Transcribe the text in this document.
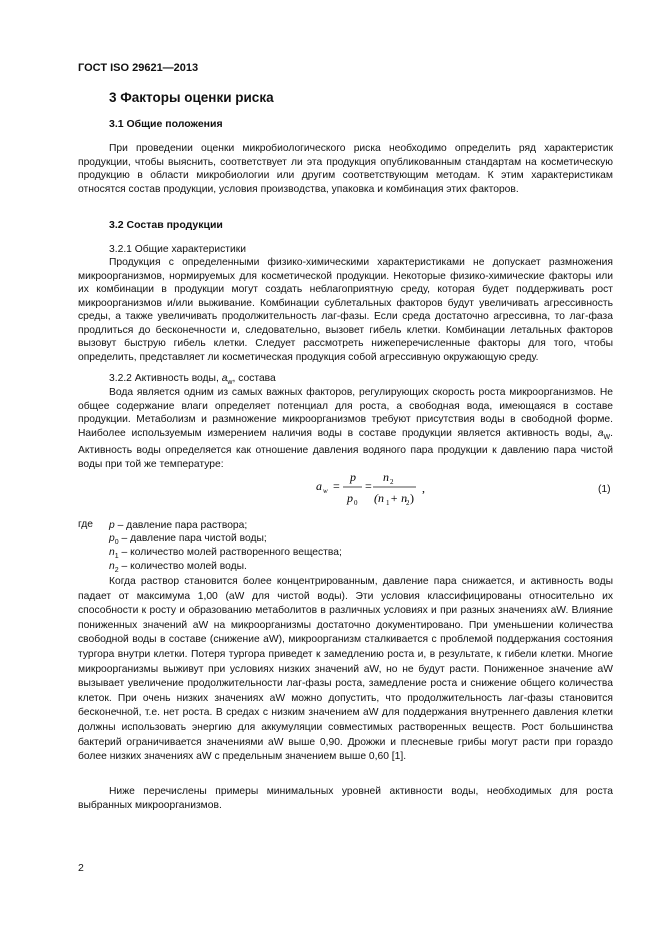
ГОСТ ISO 29621—2013
3 Факторы оценки риска
3.1 Общие положения

При проведении оценки микробиологического риска необходимо определить ряд характеристик продукции, чтобы выяснить, соответствует ли эта продукция опубликованным стандартам на косметическую продукцию в области микробиологии или другим соответствующим методам. К этим характеристикам относятся состав продукции, условия производства, упаковка и комбинация этих факторов.

3.2 Состав продукции
3.2.1 Общие характеристики

Продукция с определенными физико-химическими характеристиками не допускает размножения микроорганизмов, нормируемых для косметической продукции. Некоторые физико-химические факторы или их комбинации в продукции могут создать неблагоприятную среду, которая будет поддерживать рост микроорганизмов и/или выживание. Комбинации сублетальных факторов будут увеличивать агрессивность среды, а также увеличивать продолжительность лаг-фазы. Если среда достаточно агрессивна, то лаг-фаза продлиться до бесконечности и, следовательно, вызовет гибель клетки. Комбинации летальных факторов вызовут быструю гибель клетки. Следует рассмотреть нижеперечисленные факторы для того, чтобы определить, представляет ли косметическая продукция собой агрессивную окружающую среду.

3.2.2 Активность воды, $a_w$, состава

Вода является одним из самых важных факторов, регулирующих скорость роста микроорганизмов. Не общее содержание влаги определяет потенциал для роста, а свободная вода, имеющаяся в составе продукции. Метаболизм и размножение микроорганизмов требуют присутствия воды в свободной форме. Наиболее используемым измерением наличия воды в составе продукции является активность воды, $a_W$. Активность воды определяется как отношение давления водяного пара продукции к давлению пара чистой воды при той же температуре:

a w =
p
p 0
=
n 2
(n 1 + n
2 )
,	(1)
где p – давление пара раствора;
$p_0$ – давление пара чистой воды;
$n_1$ – количество молей растворенного вещества;
$n_2$ – количество молей воды.

Когда раствор становится более концентрированным, давление пара снижается, и активность воды падает от максимума 1,00 (aW для чистой воды). Эти условия классифицированы относительно их способности к росту и образованию метаболитов в различных условиях и при разных значениях aW. Влияние пониженных значений aW на микроорганизмы достаточно документировано. При уменьшении количества свободной воды в составе (снижение aW), микроорганизм сталкивается с проблемой поддержания состояния тургора внутри клетки. Потеря тургора приведет к замедлению роста и, в результате, к гибели клетки. Многие микроорганизмы выживут при условиях низких значений aW, но не будут расти. Пониженное значение aW вызывает увеличение продолжительности лаг-фазы роста, замедление роста и снижение общего количества клеток. При очень низких значениях aW можно допустить, что продолжительность лаг-фазы становится бесконечной, т.е. нет роста. В средах с низким значением aW для поддержания внутреннего давления клетки должны использовать энергию для аккумуляции совместимых растворенных веществ. Рост большинства бактерий ограничивается значениями aW выше 0,90. Дрожжи и плесневые грибы могут расти при гораздо более низких значениях aW с предельным значением выше 0,60 [1].

Ниже перечислены примеры минимальных уровней активности воды, необходимых для роста выбранных микроорганизмов.

2
